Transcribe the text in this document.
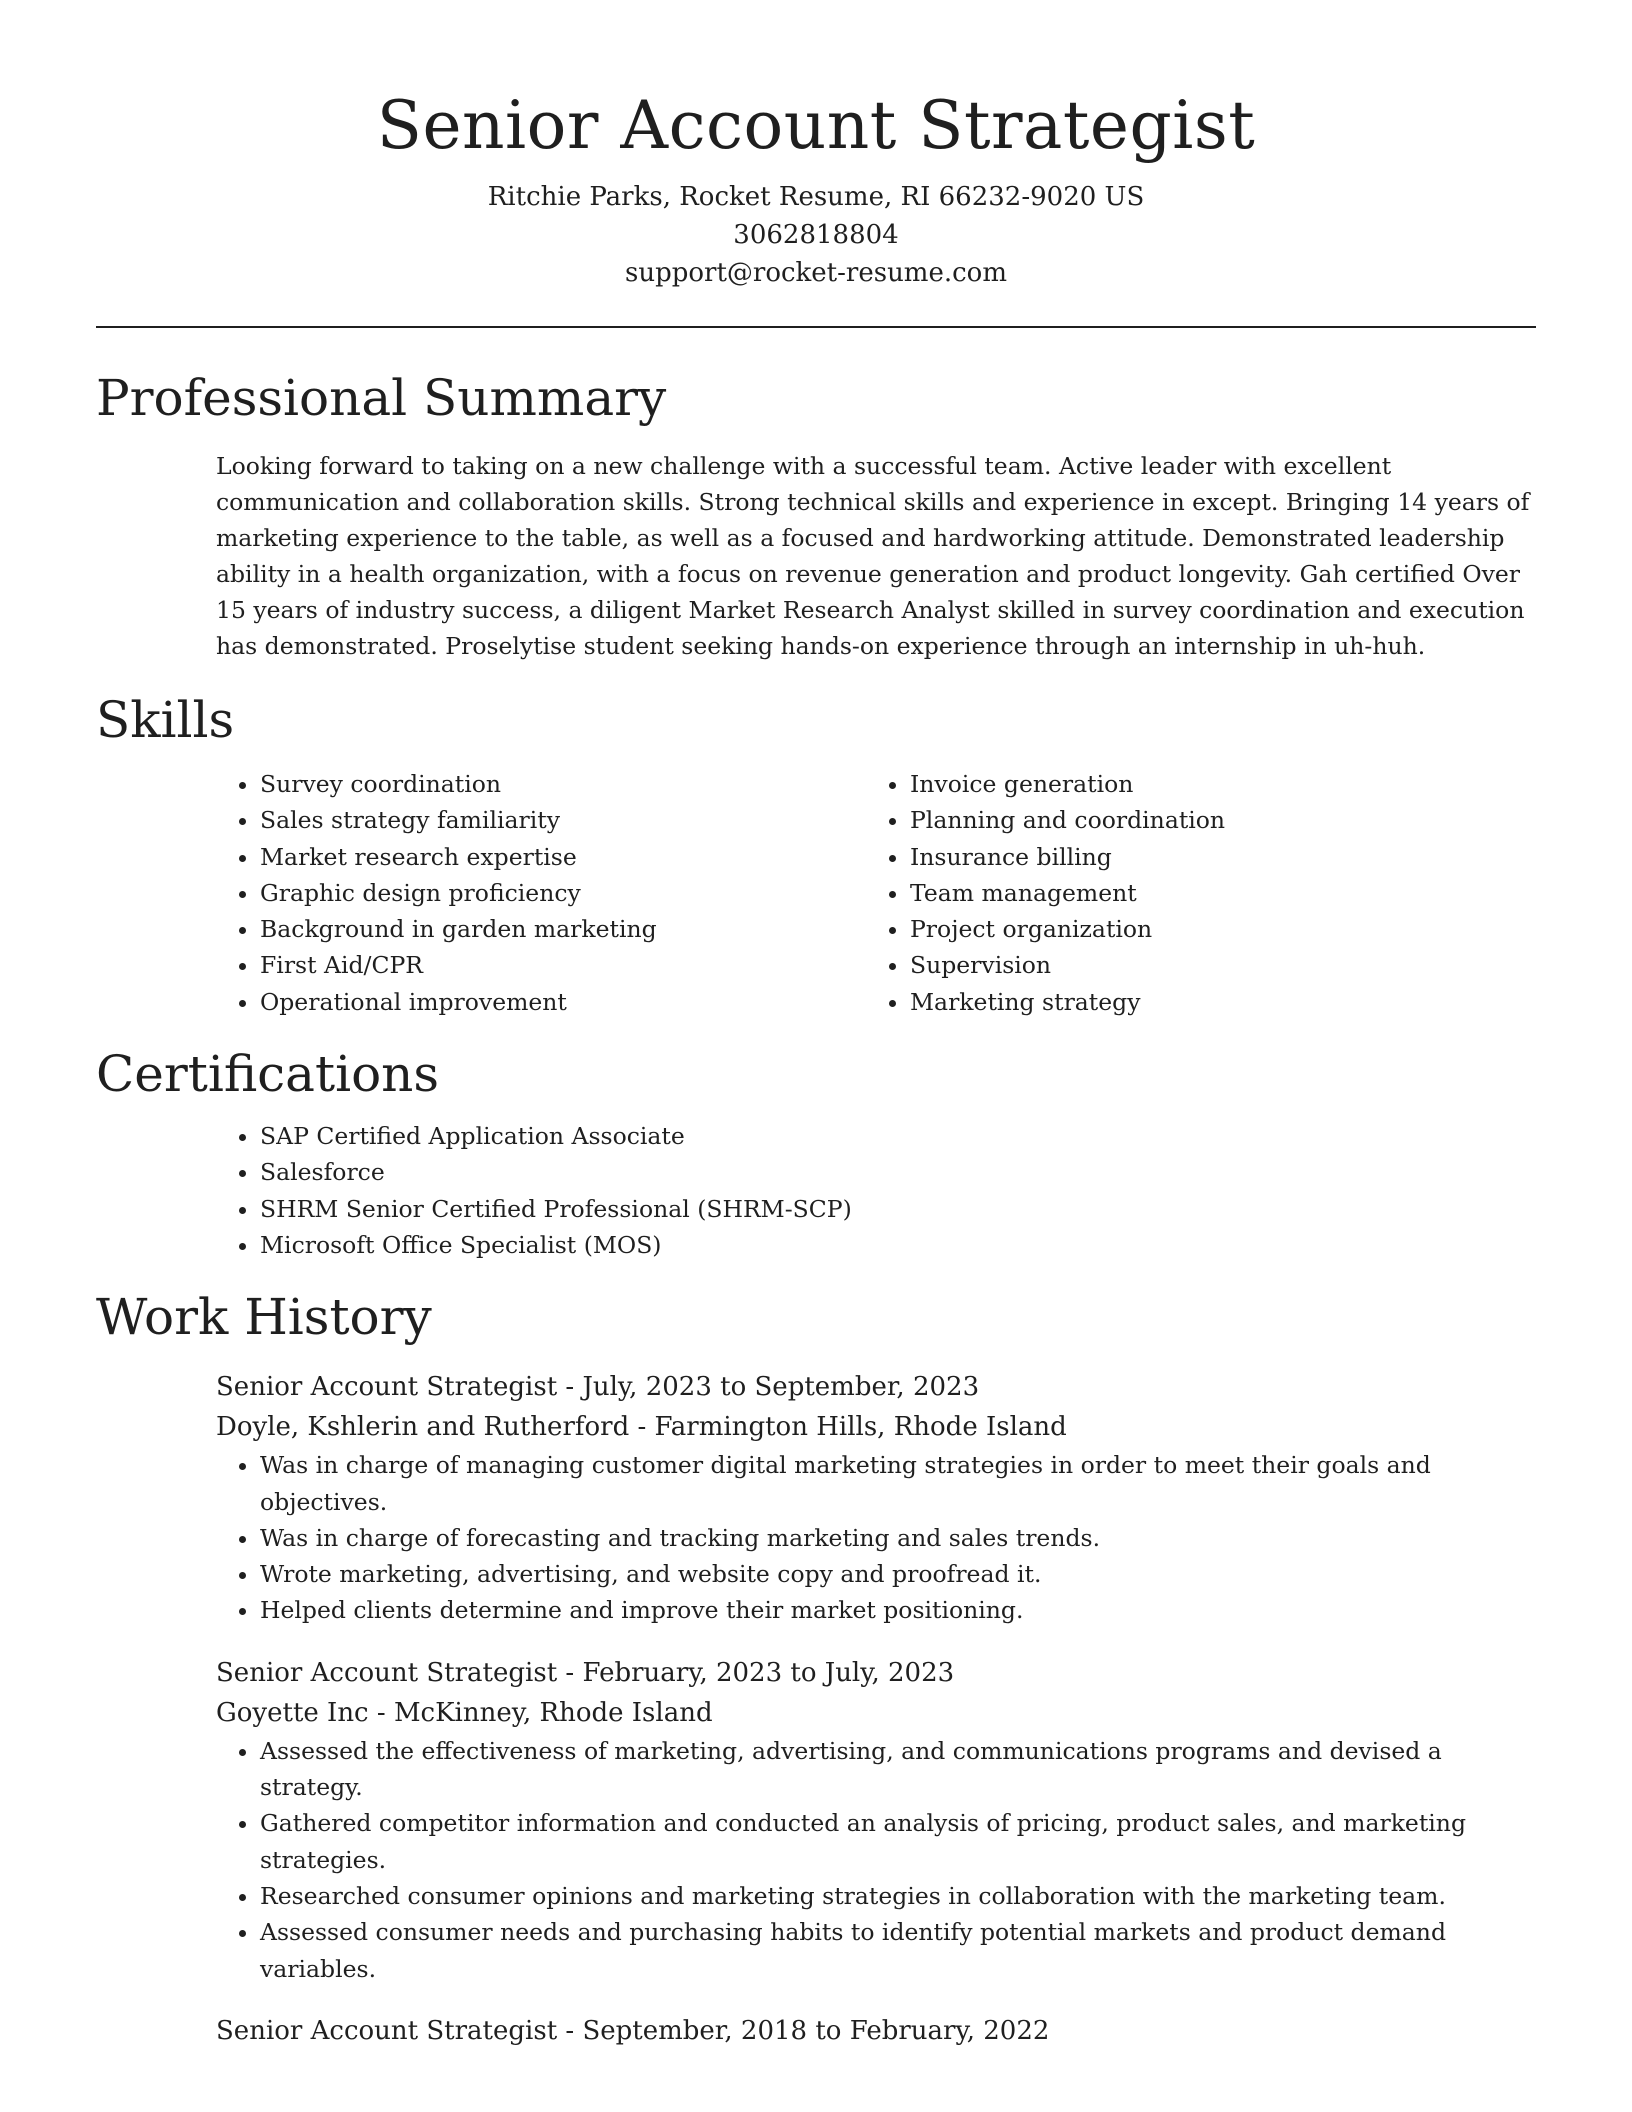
Senior Account Strategist

Ritchie Parks, Rocket Resume, RI 66232-9020 US

3062818804

support@rocket-resume.com

Professional Summary

Looking forward to taking on a new challenge with a successful team. Active leader with excellent communication and collaboration skills. Strong technical skills and experience in except. Bringing 14 years of marketing experience to the table, as well as a focused and hardworking attitude. Demonstrated leadership ability in a health organization, with a focus on revenue generation and product longevity. Gah certified Over 15 years of industry success, a diligent Market Research Analyst skilled in survey coordination and execution has demonstrated. Proselytise student seeking hands-on experience through an internship in uh-huh.

Skills
• Survey coordination
• Sales strategy familiarity
• Market research expertise
• Graphic design proficiency
• Background in garden marketing
• First Aid/CPR
• Operational improvement
• Invoice generation
• Planning and coordination
• Insurance billing
• Team management
• Project organization
• Supervision
• Marketing strategy
Certifications
• SAP Certified Application Associate
• Salesforce
• SHRM Senior Certified Professional (SHRM-SCP)
• Microsoft Office Specialist (MOS)
Work History

Senior Account Strategist - July, 2023 to September, 2023

Doyle, Kshlerin and Rutherford - Farmington Hills, Rhode Island

• Was in charge of managing customer digital marketing strategies in order to meet their goals and objectives.
• Was in charge of forecasting and tracking marketing and sales trends.
• Wrote marketing, advertising, and website copy and proofread it.
• Helped clients determine and improve their market positioning.

Senior Account Strategist - February, 2023 to July, 2023

Goyette Inc - McKinney, Rhode Island

• Assessed the effectiveness of marketing, advertising, and communications programs and devised a strategy.
• Gathered competitor information and conducted an analysis of pricing, product sales, and marketing strategies.
• Researched consumer opinions and marketing strategies in collaboration with the marketing team.
• Assessed consumer needs and purchasing habits to identify potential markets and product demand variables.

Senior Account Strategist - September, 2018 to February, 2022
